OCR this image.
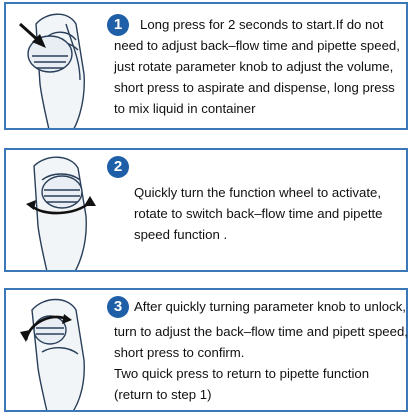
1	Long press for 2 seconds to start.If do not
need to adjust back–flow time and pipette speed,
just rotate parameter knob to adjust the volume,
short press to aspirate and dispense, long press
to mix liquid in container
2
Quickly turn the function wheel to activate,
rotate to switch back–flow time and pipette
speed function .
3 After quickly turning parameter knob to unlock,
turn to adjust the back–flow time and pipett speed,
short press to confirm.
Two quick press to return to pipette function
(return to step 1)
